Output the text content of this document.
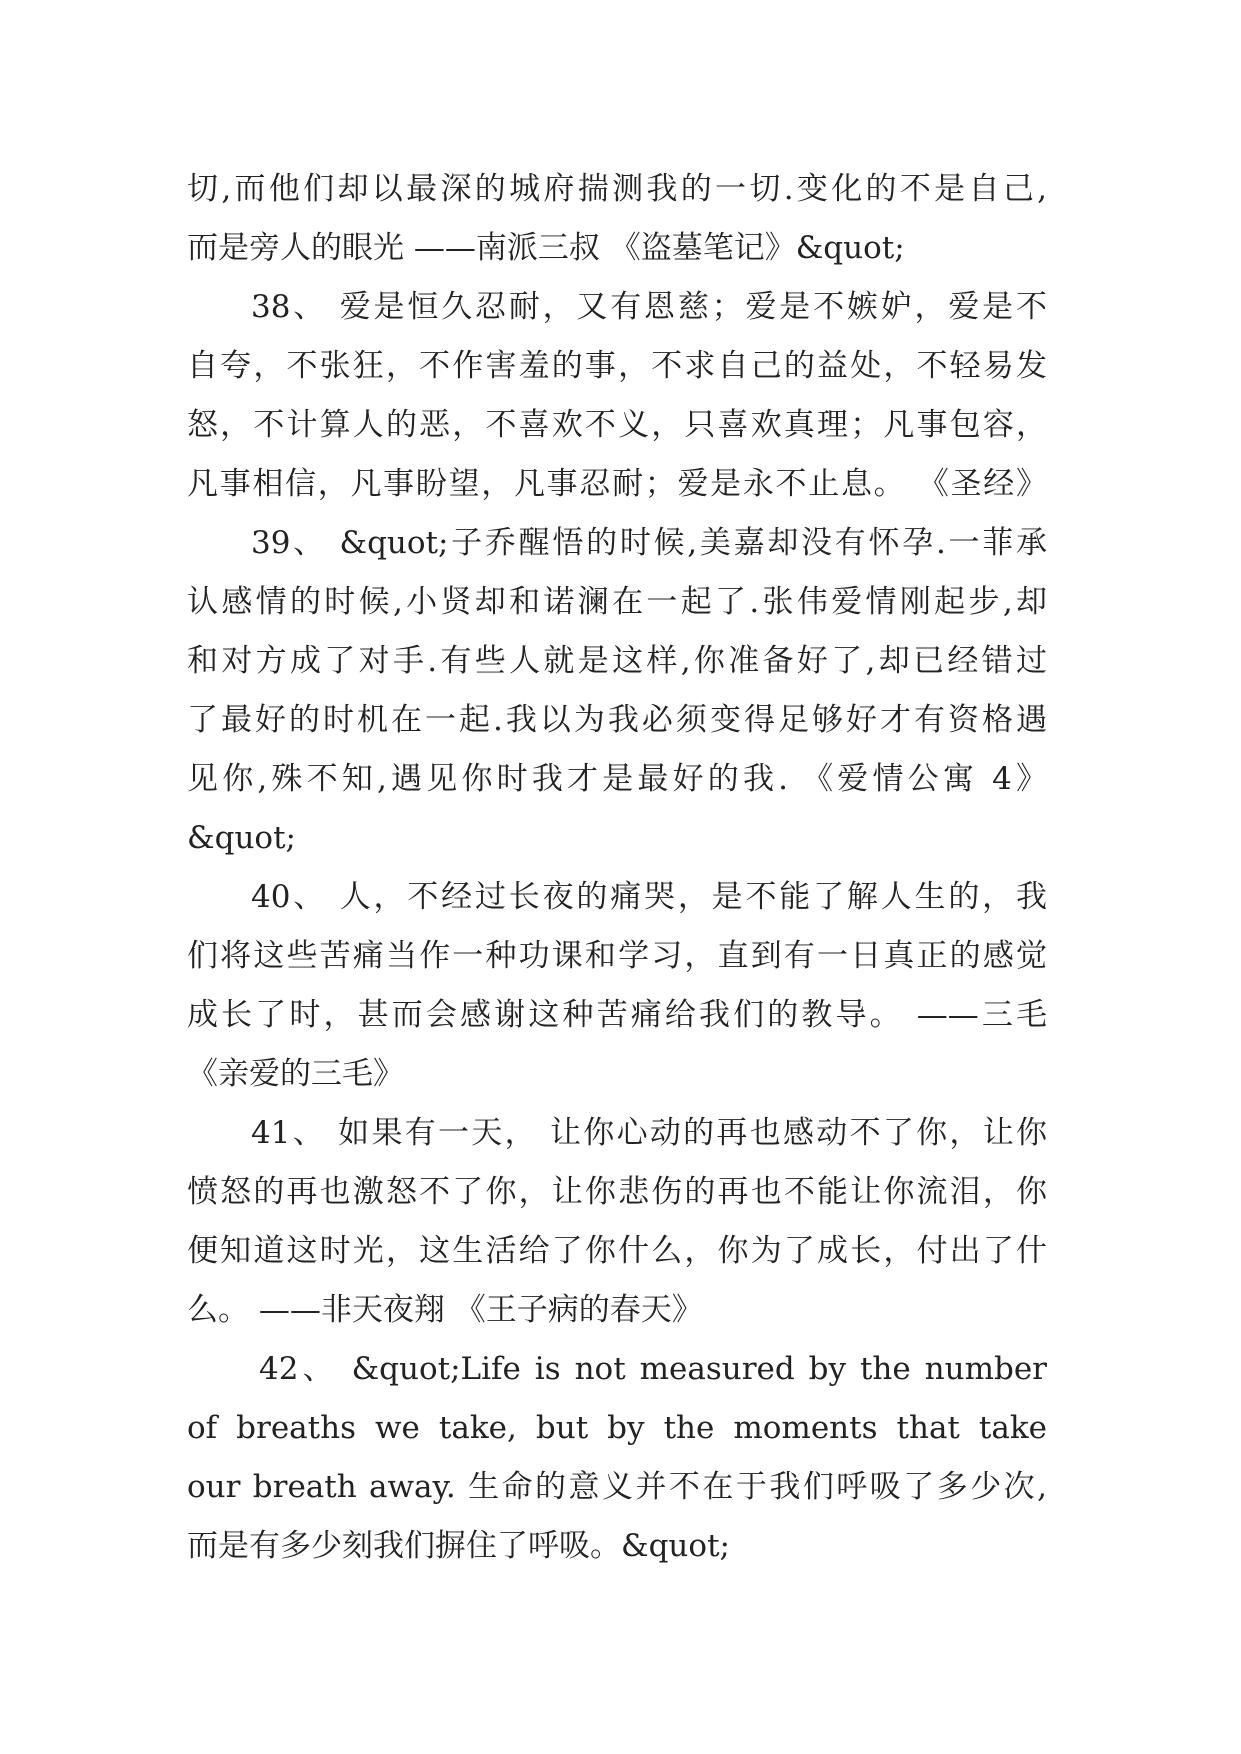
切,而他们却以最深的城府揣测我的一切.变化的不是自己,
而是旁人的眼光 ——南派三叔 《盗墓笔记》&quot;
38、 爱是恒久忍耐，又有恩慈；爱是不嫉妒，爱是不
自夸，不张狂，不作害羞的事，不求自己的益处，不轻易发
怒，不计算人的恶，不喜欢不义，只喜欢真理；凡事包容，
凡事相信，凡事盼望，凡事忍耐；爱是永不止息。 《圣经》
39、 &quot;子乔醒悟的时候,美嘉却没有怀孕.一菲承
认感情的时候,小贤却和诺澜在一起了.张伟爱情刚起步,却
和对方成了对手.有些人就是这样,你准备好了,却已经错过
了最好的时机在一起.我以为我必须变得足够好才有资格遇
见你,殊不知,遇见你时我才是最好的我. 《爱情公寓 4》
&quot;
40、 人，不经过长夜的痛哭，是不能了解人生的，我
们将这些苦痛当作一种功课和学习，直到有一日真正的感觉
成长了时，甚而会感谢这种苦痛给我们的教导。 ——三毛
《亲爱的三毛》
41、 如果有一天， 让你心动的再也感动不了你，让你
愤怒的再也激怒不了你，让你悲伤的再也不能让你流泪，你
便知道这时光，这生活给了你什么，你为了成长，付出了什
么。 ——非天夜翔 《王子病的春天》
42、 &quot;Life is not measured by the number
of breaths we take, but by the moments that take
our breath away. 生命的意义并不在于我们呼吸了多少次,
而是有多少刻我们摒住了呼吸。&quot;
